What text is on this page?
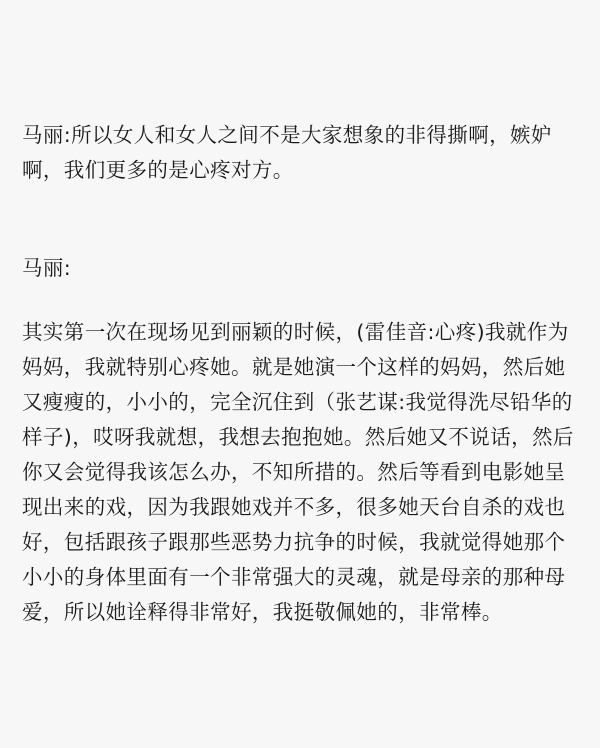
马丽:所以女人和女人之间不是大家想象的非得撕啊，嫉妒啊，我们更多的是心疼对方。

马丽:

其实第一次在现场见到丽颖的时候，(雷佳音:心疼)我就作为妈妈，我就特别心疼她。就是她演一个这样的妈妈，然后她又瘦瘦的，小小的，完全沉住到（张艺谋:我觉得洗尽铅华的样子)，哎呀我就想，我想去抱抱她。然后她又不说话，然后你又会觉得我该怎么办，不知所措的。然后等看到电影她呈现出来的戏，因为我跟她戏并不多，很多她天台自杀的戏也好，包括跟孩子跟那些恶势力抗争的时候，我就觉得她那个小小的身体里面有一个非常强大的灵魂，就是母亲的那种母爱，所以她诠释得非常好，我挺敬佩她的，非常棒。
